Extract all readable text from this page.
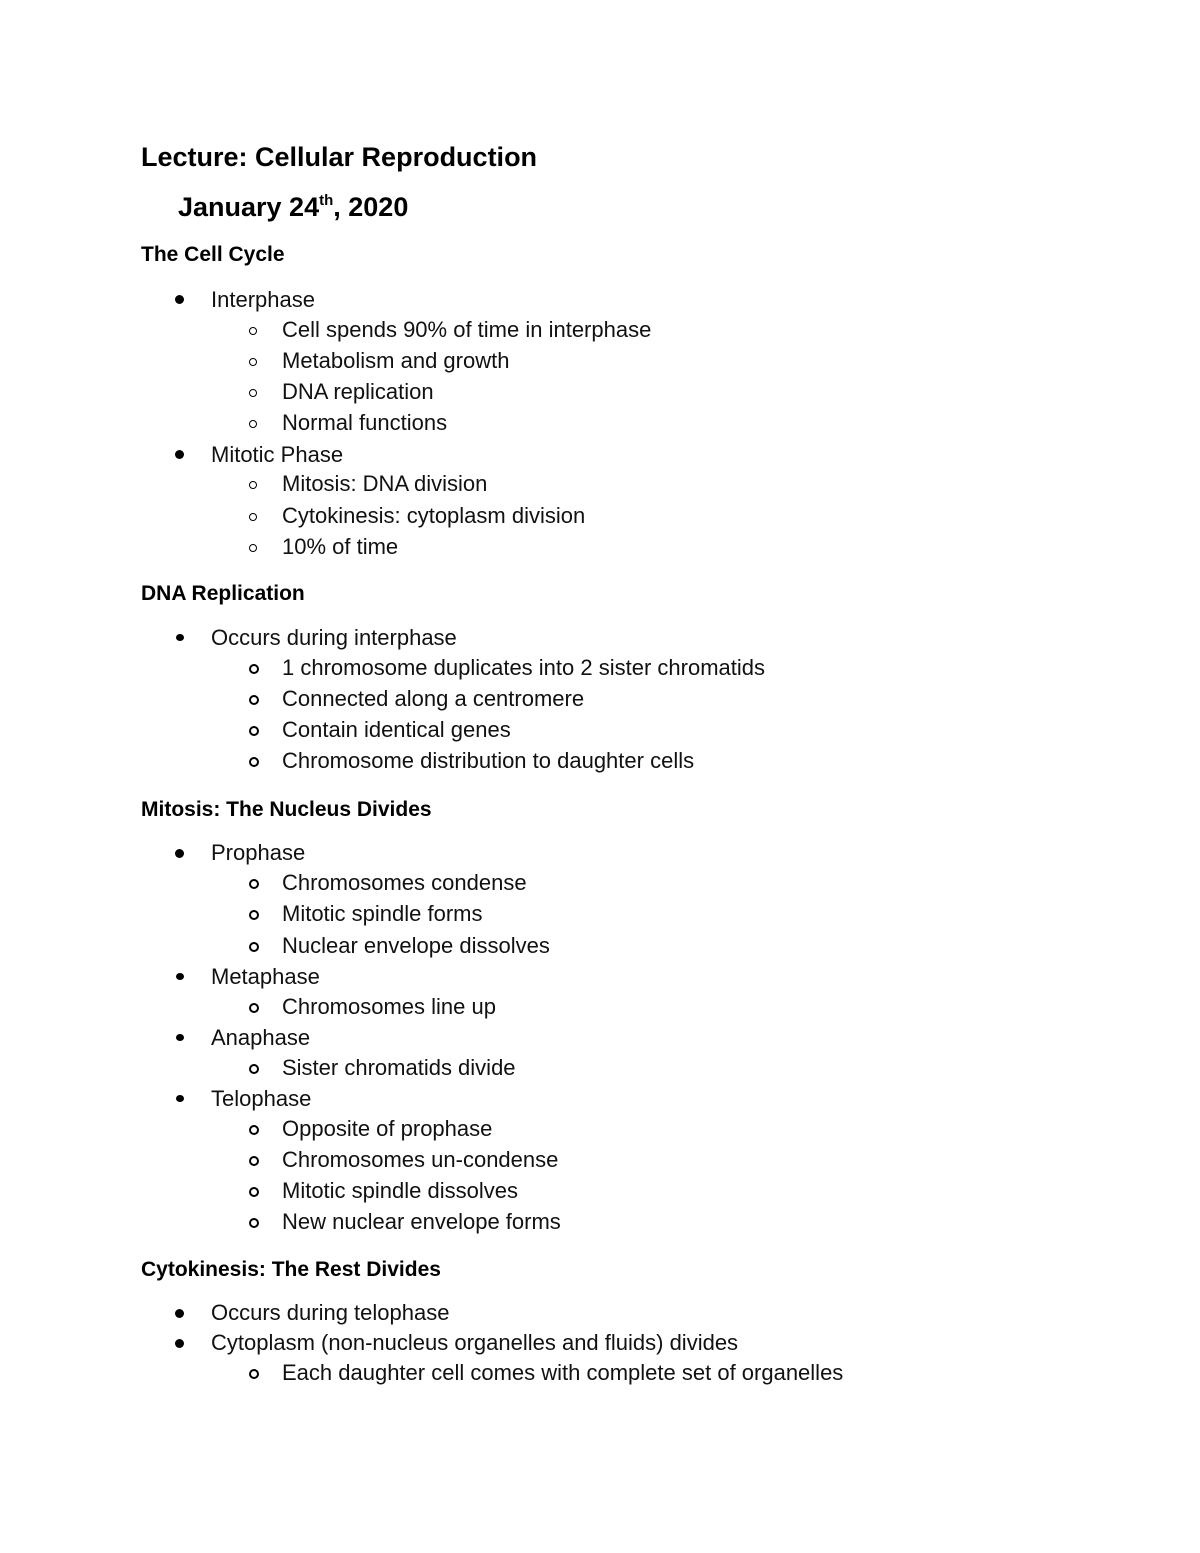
Lecture: Cellular Reproduction
January 24th, 2020
The Cell Cycle
Interphase
Cell spends 90% of time in interphase
Metabolism and growth
DNA replication
Normal functions
Mitotic Phase
Mitosis: DNA division
Cytokinesis: cytoplasm division
10% of time
DNA Replication
Occurs during interphase
1 chromosome duplicates into 2 sister chromatids
Connected along a centromere
Contain identical genes
Chromosome distribution to daughter cells
Mitosis: The Nucleus Divides
Prophase
Chromosomes condense
Mitotic spindle forms
Nuclear envelope dissolves
Metaphase
Chromosomes line up
Anaphase
Sister chromatids divide
Telophase
Opposite of prophase
Chromosomes un-condense
Mitotic spindle dissolves
New nuclear envelope forms
Cytokinesis: The Rest Divides
Occurs during telophase
Cytoplasm (non-nucleus organelles and fluids) divides
Each daughter cell comes with complete set of organelles
